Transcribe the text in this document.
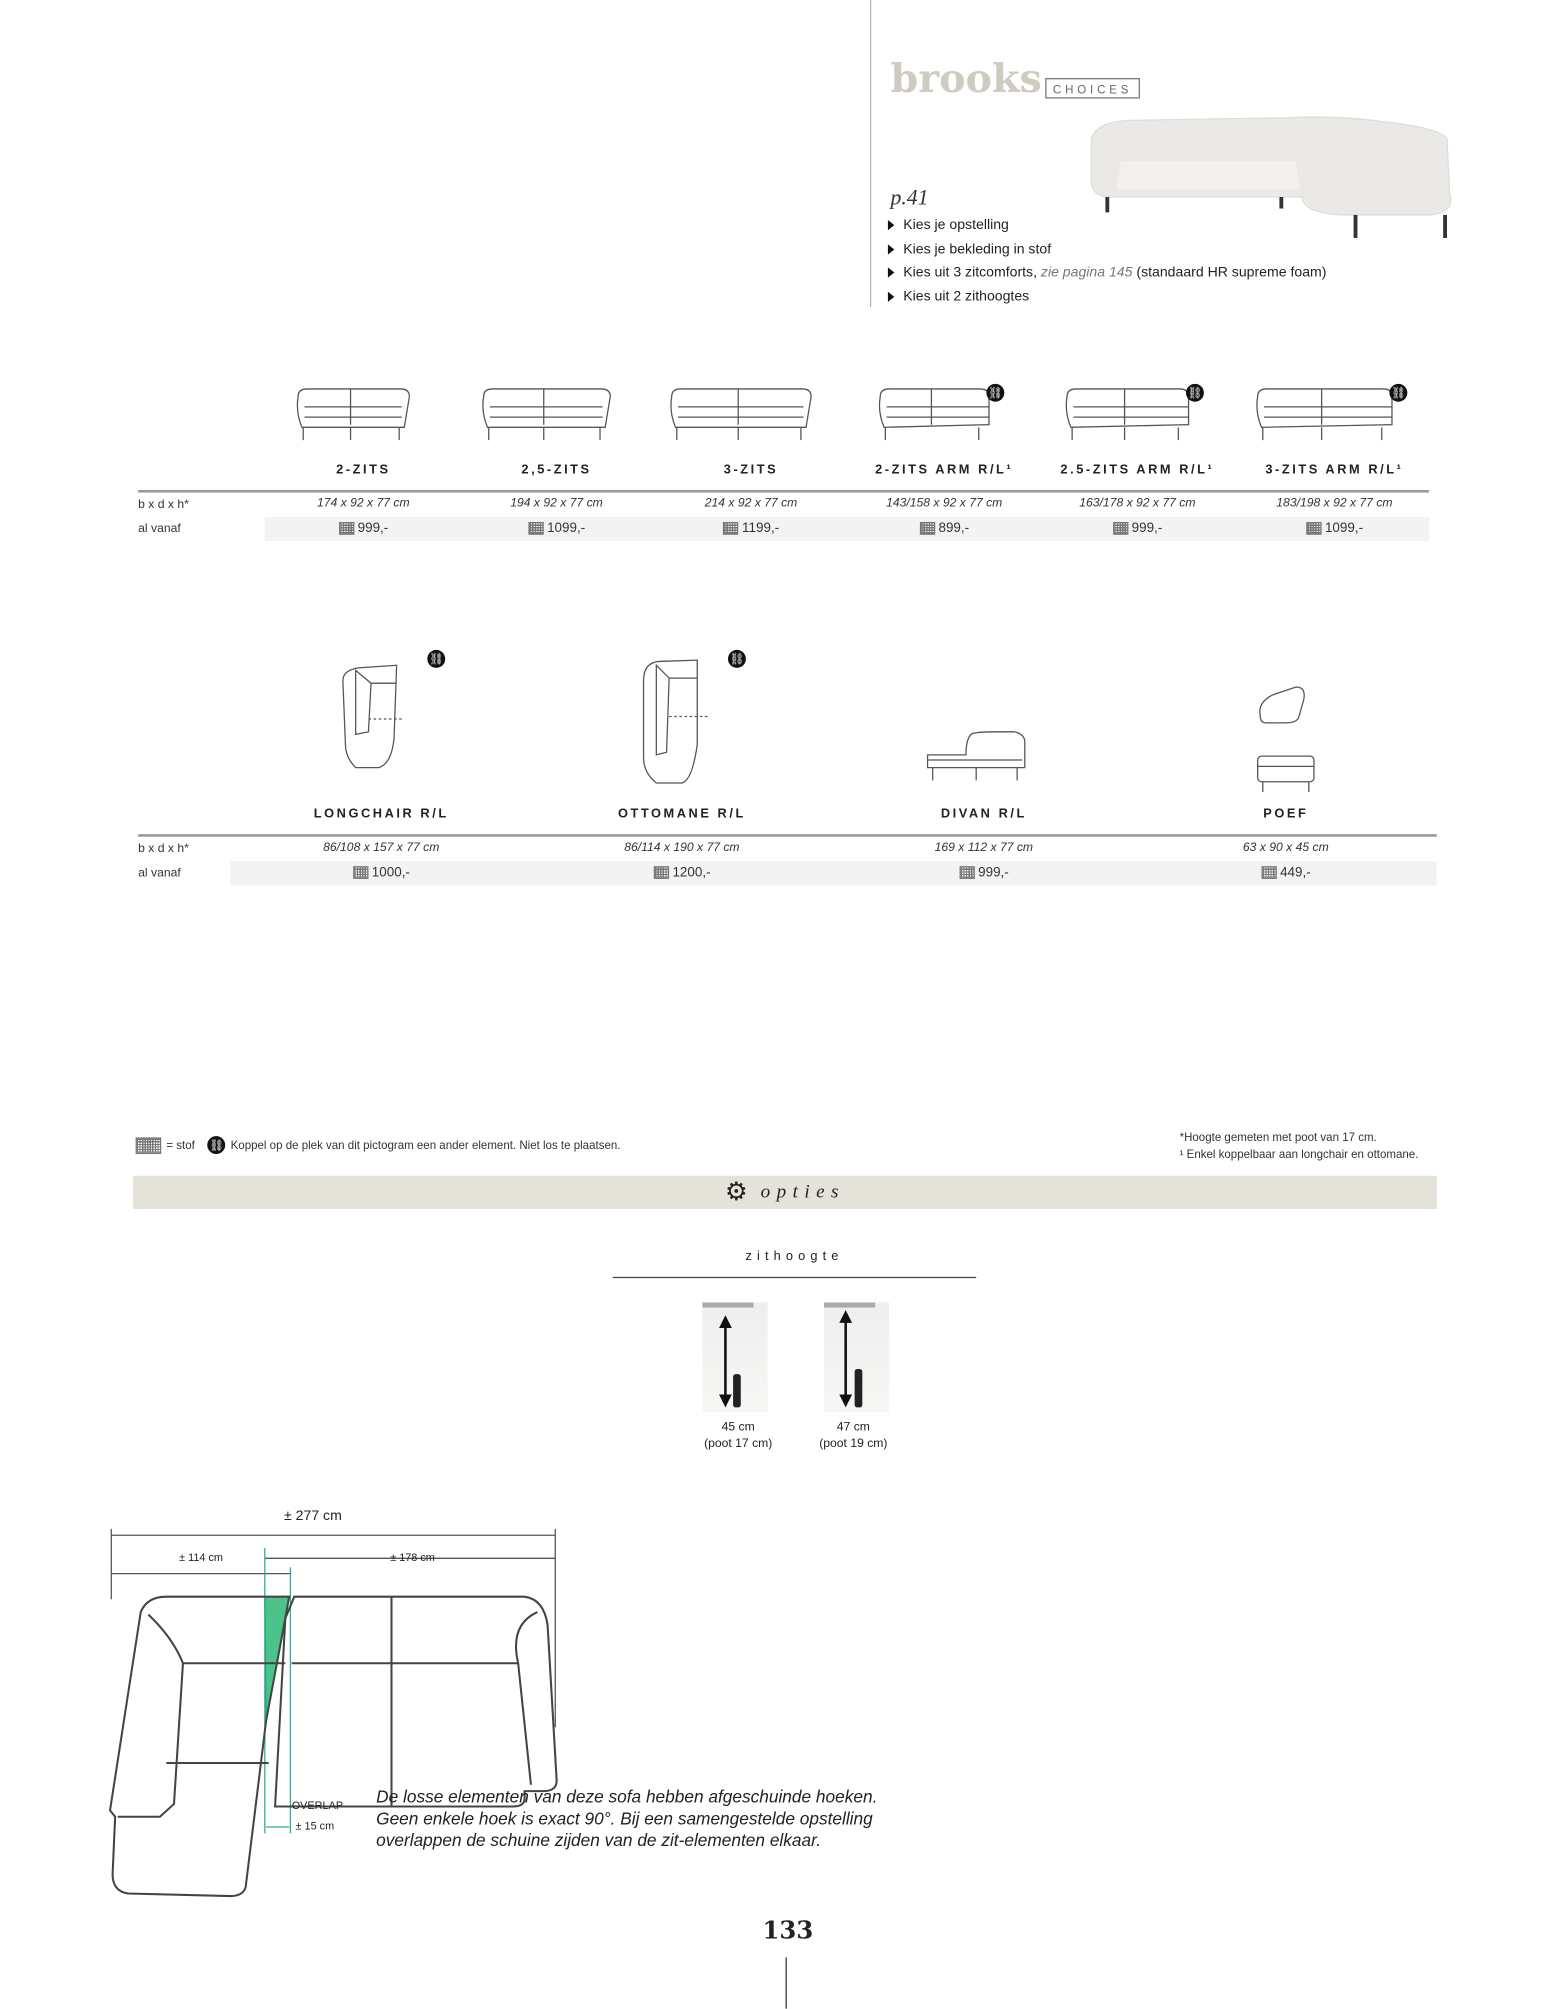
brooks	CHOICES
p.41
Kies je opstelling
Kies je bekleding in stof
Kies uit 3 zitcomforts, zie pagina 145 (standaard HR supreme foam)
Kies uit 2 zithoogtes
2-ZITS
174 x 92 x 77 cm
999,-
2,5-ZITS
194 x 92 x 77 cm
1099,-
3-ZITS
214 x 92 x 77 cm
1199,-
⛓
2-ZITS ARM R/L¹
143/158 x 92 x 77 cm
899,-
⛓
2.5-ZITS ARM R/L¹
163/178 x 92 x 77 cm
999,-
⛓
3-ZITS ARM R/L¹
183/198 x 92 x 77 cm
1099,-
b x d x h*
al vanaf
b x d x h*
al vanaf
⛓
LONGCHAIR R/L
86/108 x 157 x 77 cm
1000,-
⛓
OTTOMANE R/L
86/114 x 190 x 77 cm
1200,-
DIVAN R/L
169 x 112 x 77 cm
999,-
POEF
63 x 90 x 45 cm
449,-
= stof ⛓ Koppel op de plek van dit pictogram een ander element. Niet los te plaatsen.
*Hoogte gemeten met poot van 17 cm.
¹ Enkel koppelbaar aan longchair en ottomane.
⚙ opties
zithoogte
45 cm
(poot 17 cm)
47 cm
(poot 19 cm)
± 277 cm
± 114 cm	± 178 cm
OVERLAP
± 15 cm
De losse elementen van deze sofa hebben afgeschuinde hoeken.
Geen enkele hoek is exact 90°. Bij een samengestelde opstelling
overlappen de schuine zijden van de zit-elementen elkaar.
133
